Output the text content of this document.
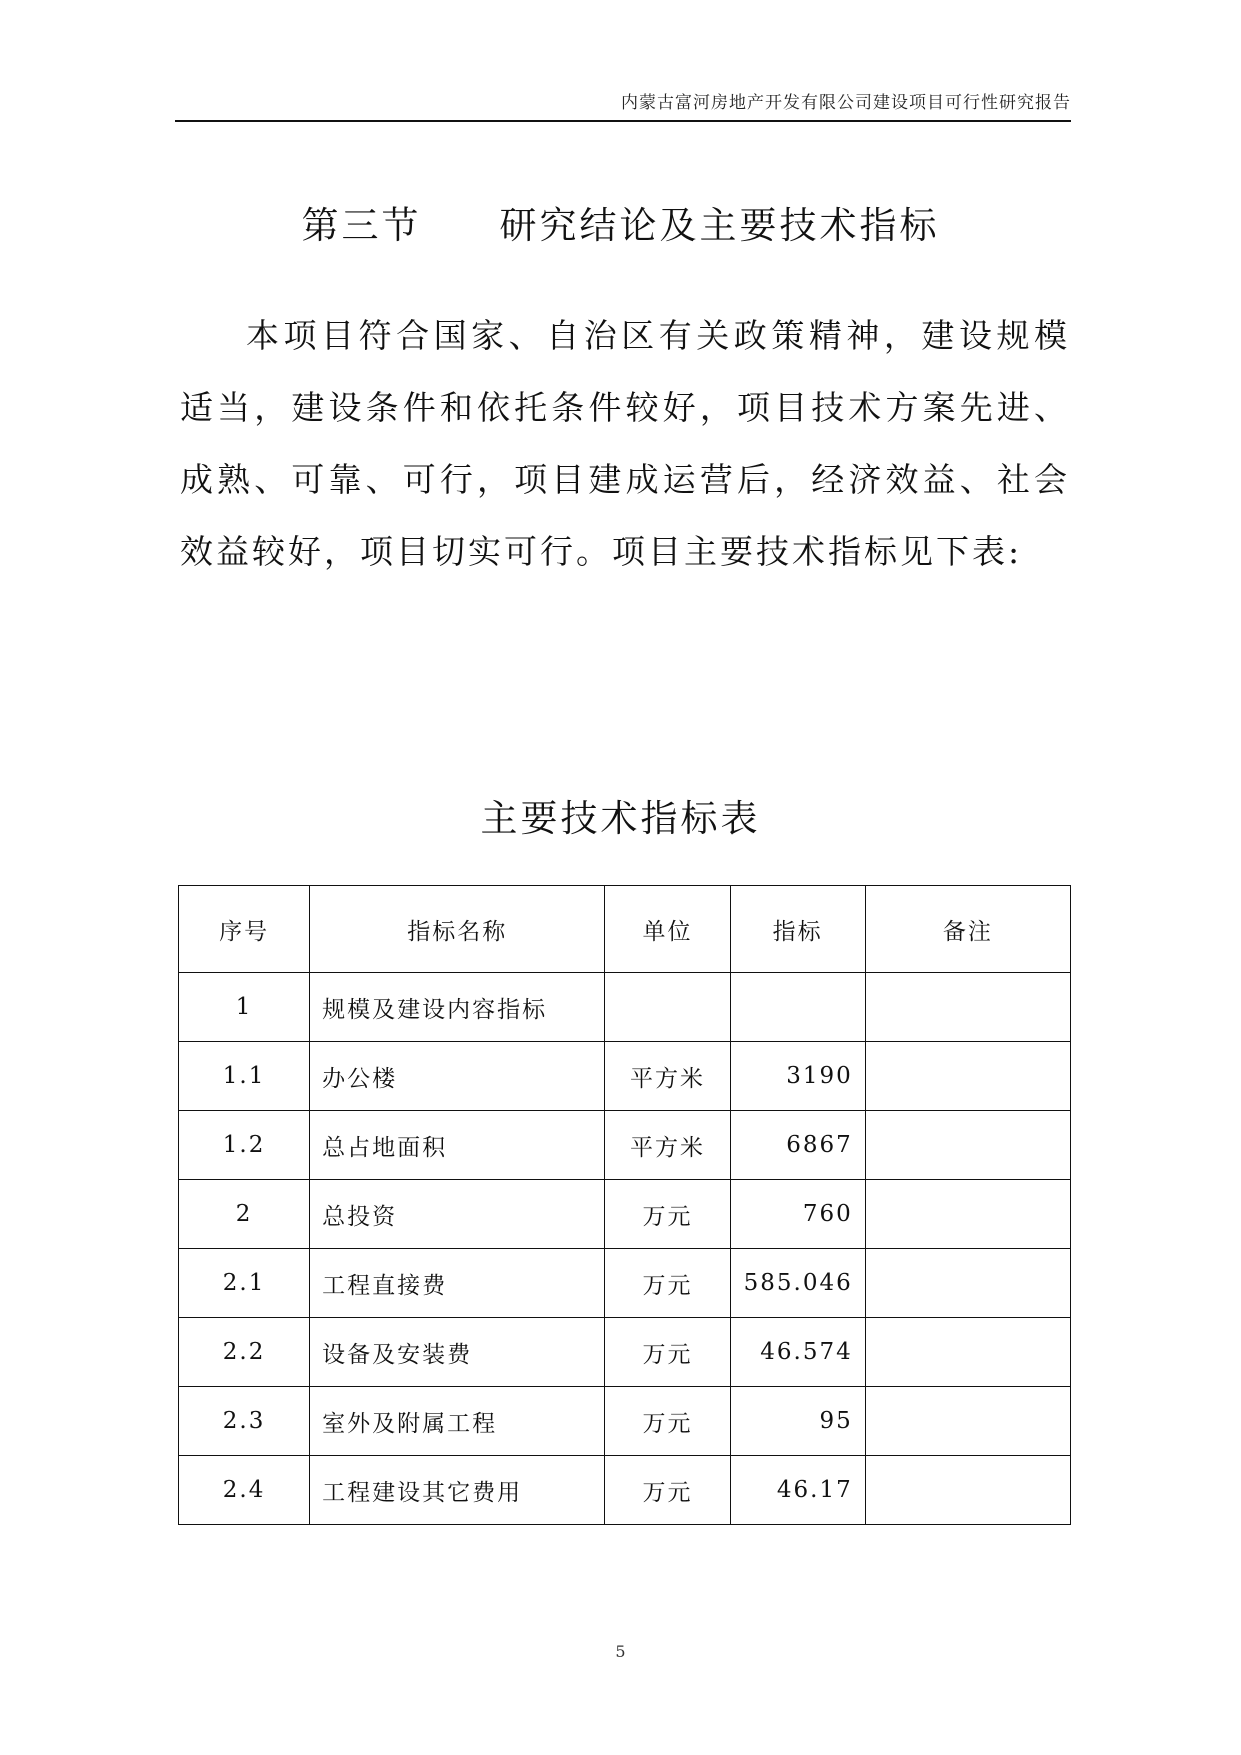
内蒙古富河房地产开发有限公司建设项目可行性研究报告
第三节 研究结论及主要技术指标

本项目符合国家、自治区有关政策精神，建设规模适当，建设条件和依托条件较好，项目技术方案先进、成熟、可靠、可行，项目建成运营后，经济效益、社会效益较好，项目切实可行。项目主要技术指标见下表:

主要技术指标表
序号	指标名称	单位	指标	备注
1	规模及建设内容指标			
1.1	办公楼	平方米	3190	
1.2	总占地面积	平方米	6867	
2	总投资	万元	760	
2.1	工程直接费	万元	585.046	
2.2	设备及安装费	万元	46.574	
2.3	室外及附属工程	万元	95	
2.4	工程建设其它费用	万元	46.17	
5
